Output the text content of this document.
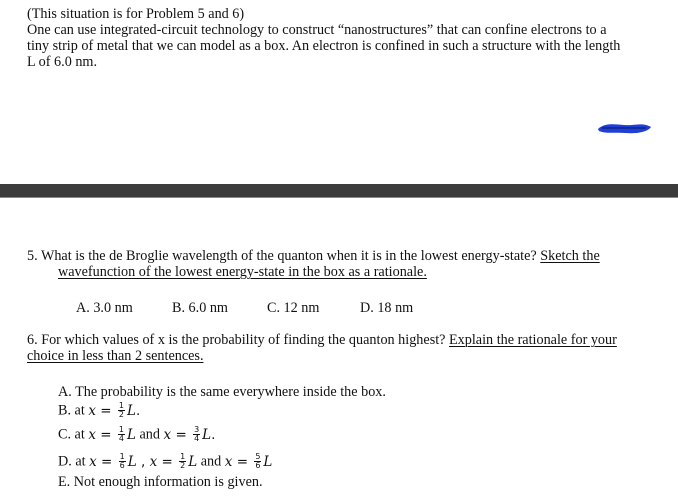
(This situation is for Problem 5 and 6)
One can use integrated-circuit technology to construct “nanostructures” that can confine electrons to a
tiny strip of metal that we can model as a box. An electron is confined in such a structure with the length
L of 6.0 nm.
5. What is the de Broglie wavelength of the quanton when it is in the lowest energy-state? Sketch the
wavefunction of the lowest energy-state in the box as a rationale.
A. 3.0 nm	B. 6.0 nm	C. 12 nm	D. 18 nm
6. For which values of x is the probability of finding the quanton highest? Explain the rationale for your
choice in less than 2 sentences.
A. The probability is the same everywhere inside the box.
B. at $x = \frac{1}{2} L$.
C. at $x = \frac{1}{4}$ L and $x = \frac{3}{4} L$.
D. at $x = \frac{1}{6}$ L , $x = \frac{1}{2}$ L and $x = \frac{5}{6}$ L
E. Not enough information is given.
